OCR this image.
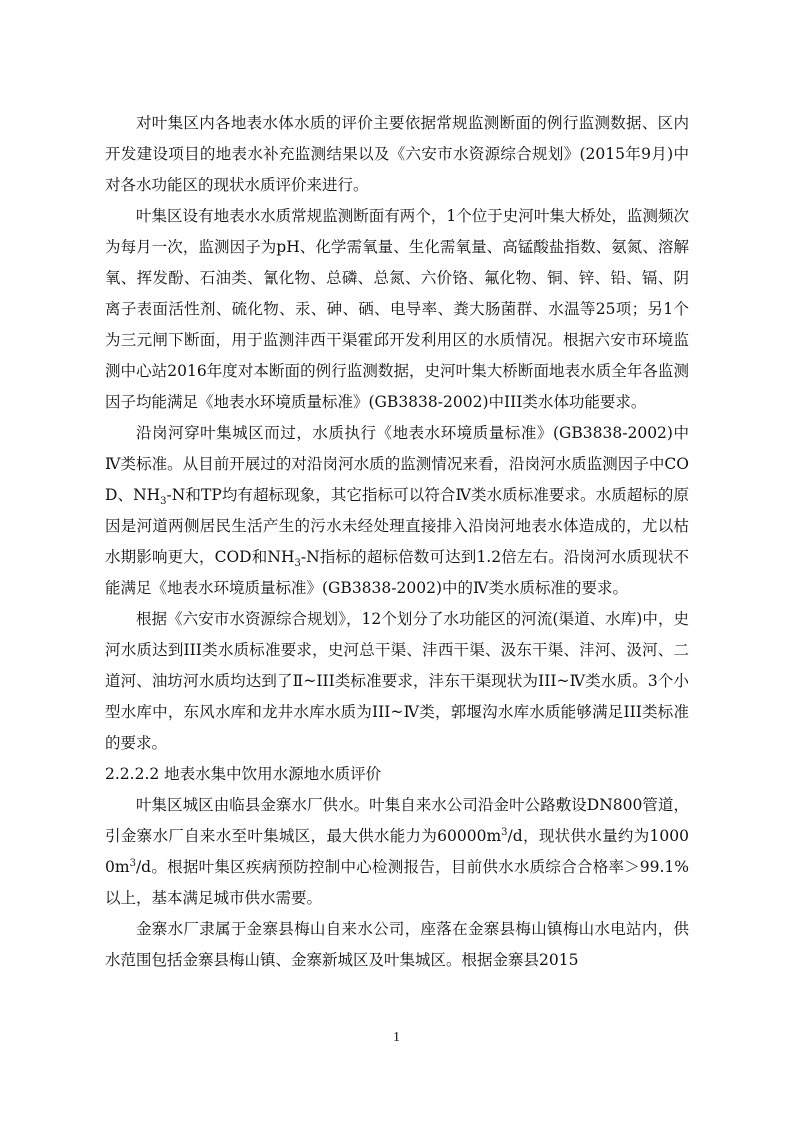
对叶集区内各地表水体水质的评价主要依据常规监测断面的例行监测数据、区内开发建设项目的地表水补充监测结果以及《六安市水资源综合规划》(2015年9月)中对各水功能区的现状水质评价来进行。

叶集区设有地表水水质常规监测断面有两个，1个位于史河叶集大桥处，监测频次为每月一次，监测因子为pH、化学需氧量、生化需氧量、高锰酸盐指数、氨氮、溶解氧、挥发酚、石油类、氰化物、总磷、总氮、六价铬、氟化物、铜、锌、铅、镉、阴离子表面活性剂、硫化物、汞、砷、硒、电导率、粪大肠菌群、水温等25项；另1个为三元闸下断面，用于监测沣西干渠霍邱开发利用区的水质情况。根据六安市环境监测中心站2016年度对本断面的例行监测数据，史河叶集大桥断面地表水质全年各监测因子均能满足《地表水环境质量标准》(GB3838-2002)中III类水体功能要求。

沿岗河穿叶集城区而过，水质执行《地表水环境质量标准》(GB3838-2002)中Ⅳ类标准。从目前开展过的对沿岗河水质的监测情况来看，沿岗河水质监测因子中COD、$NH_3-N$和TP均有超标现象，其它指标可以符合Ⅳ类水质标准要求。水质超标的原因是河道两侧居民生活产生的污水未经处理直接排入沿岗河地表水体造成的，尤以枯水期影响更大，COD和$NH_3-N$指标的超标倍数可达到1.2倍左右。沿岗河水质现状不能满足《地表水环境质量标准》(GB3838-2002)中的Ⅳ类水质标准的要求。

根据《六安市水资源综合规划》，12个划分了水功能区的河流(渠道、水库)中，史河水质达到III类水质标准要求，史河总干渠、沣西干渠、汲东干渠、沣河、汲河、二道河、油坊河水质均达到了Ⅱ~III类标准要求，沣东干渠现状为III~Ⅳ类水质。3个小型水库中，东风水库和龙井水库水质为III~Ⅳ类，郭堰沟水库水质能够满足III类标准的要求。

2.2.2.2 地表水集中饮用水源地水质评价

叶集区城区由临县金寨水厂供水。叶集自来水公司沿金叶公路敷设DN800管道，引金寨水厂自来水至叶集城区，最大供水能力为$60000m^3/d$，现状供水量约为$10000m^3/d$。根据叶集区疾病预防控制中心检测报告，目前供水水质综合合格率＞99.1%以上，基本满足城市供水需要。

金寨水厂隶属于金寨县梅山自来水公司，座落在金寨县梅山镇梅山水电站内，供水范围包括金寨县梅山镇、金寨新城区及叶集城区。根据金寨县2015

1
